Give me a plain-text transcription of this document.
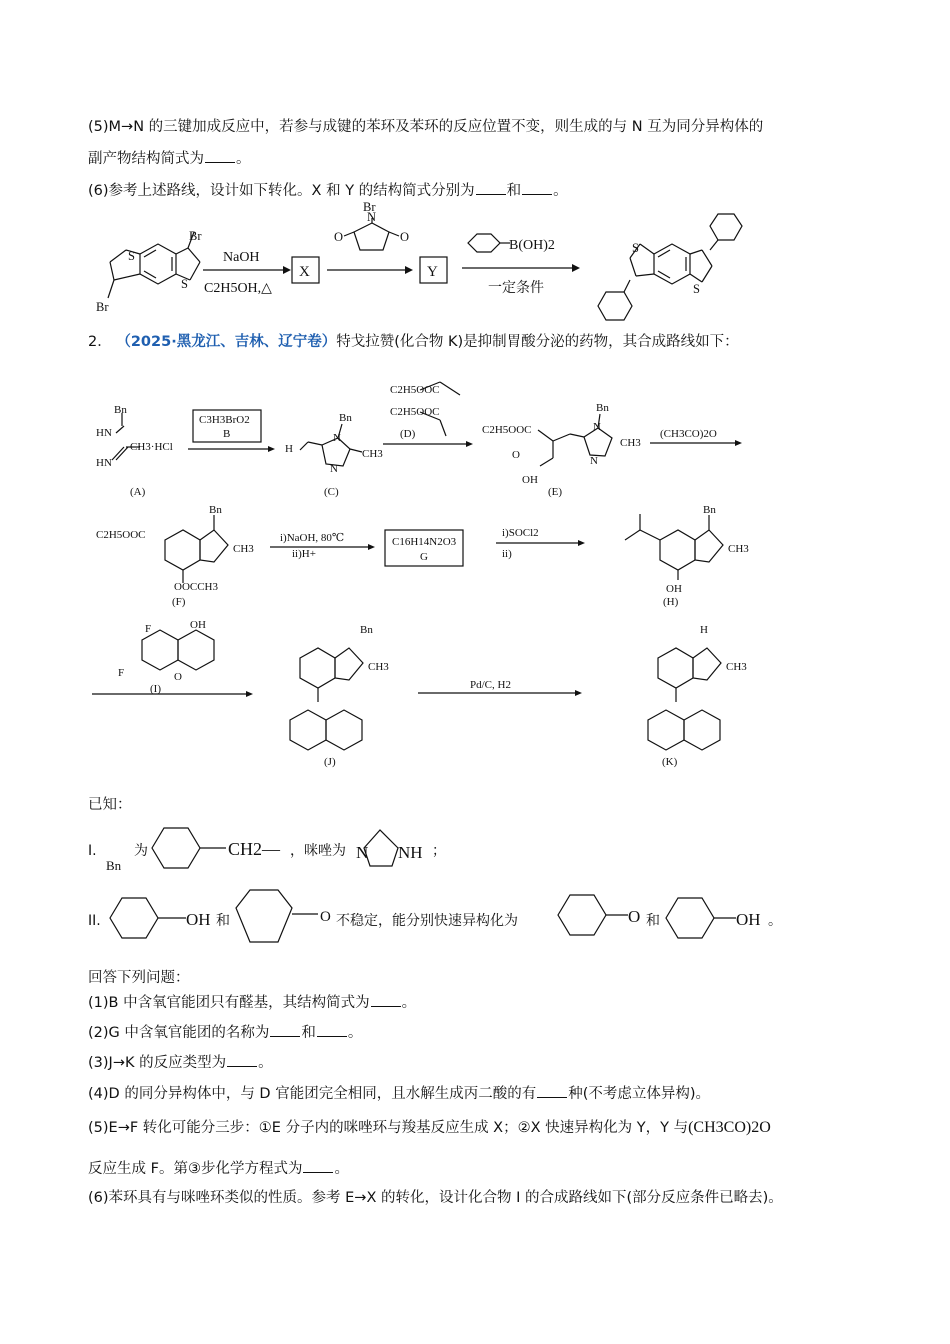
(5)M→N 的三键加成反应中，若参与成键的苯环及苯环的反应位置不变，则生成的与 N 互为同分异构体的
副产物结构简式为 。
(6)参考上述路线，设计如下转化。X 和 Y 的结构简式分别为 和 。
2． （2025·黑龙江、吉林、辽宁卷）特戈拉赞(化合物 K)是抑制胃酸分泌的药物，其合成路线如下：
已知：
回答下列问题：
(1)B 中含氧官能团只有醛基，其结构简式为 。
(2)G 中含氧官能团的名称为 和 。
(3)J→K 的反应类型为 。
(4)D 的同分异构体中，与 D 官能团完全相同，且水解生成丙二酸的有 种(不考虑立体异构)。
(5)E→F 转化可能分三步：①E 分子内的咪唑环与羧基反应生成 X；②X 快速异构化为 Y，Y 与(CH3CO)2O
反应生成 F。第③步化学方程式为 。
(6)苯环具有与咪唑环类似的性质。参考 E→X 的转化，设计化合物 I 的合成路线如下(部分反应条件已略去)。
S
S
Br
Br
NaOH
C2H5OH,△
X
N
Br
O	O
Y
B(OH)2
一定条件
S
S
Bn
HN
HN
CH3·HCl
(A)
C3H3BrO2
B
Bn
N
N
H	CH3
(C)
C2H5OOC
C2H5OOC
(D)	C2H5OOC
O
OH
Bn
N
N
CH3
(E)
(CH3CO)2O
C2H5OOC
Bn
CH3
OOCCH3
(F)
i)NaOH, 80℃
ii)H+
C16H14N2O3
G
i)SOCl2
ii)
Bn
CH3
OH
(H)
F
F
OH
O
(I)
Bn
CH3
(J)
Pd/C, H2
H
CH3
(K)
I.
Bn
为	CH2— ，咪唑为 N NH ；
II.	OH 和	O 不稳定，能分别快速异构化为	O 和	OH 。
